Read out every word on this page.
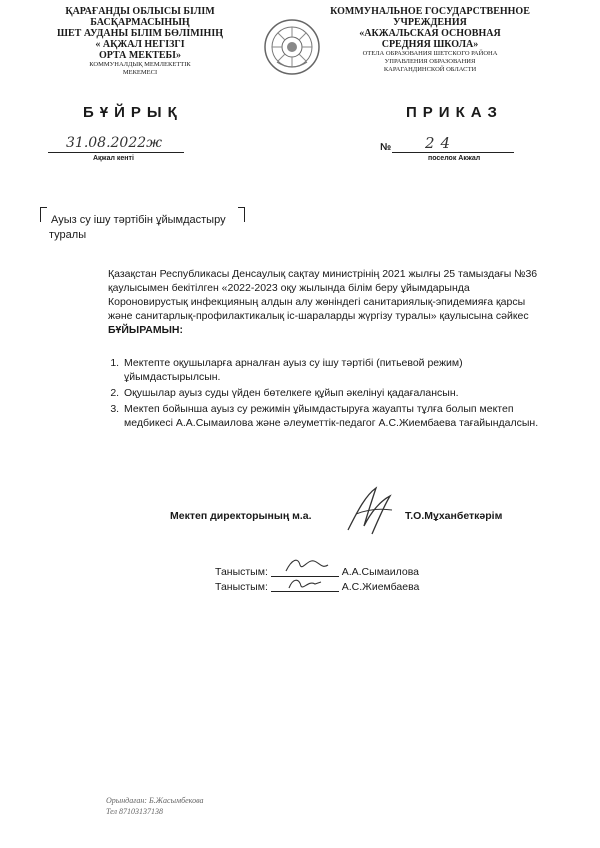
ҚАРАҒАНДЫ ОБЛЫСЫ БІЛІМ
БАСҚАРМАСЫНЫҢ
ШЕТ АУДАНЫ БІЛІМ БӨЛІМІНІҢ
« АҚЖАЛ НЕГІЗГІ
ОРТА МЕКТЕБІ»
КОММУНАЛДЫҚ МЕМЛЕКЕТТІК
МЕКЕМЕСІ
КОММУНАЛЬНОЕ ГОСУДАРСТВЕННОЕ
УЧРЕЖДЕНИЯ
«АКЖАЛЬСКАЯ ОСНОВНАЯ
СРЕДНЯЯ ШКОЛА»
ОТЕЛА ОБРАЗОВАНИЯ ШЕТСКОГО РАЙОНА
УПРАВЛЕНИЯ ОБРАЗОВАНИЯ
КАРАГАНДИНСКОЙ ОБЛАСТИ
БҰЙРЫҚ	ПРИКАЗ
31.08.2022ж
Ақжал кенті
№ 24
поселок Акжал
Ауыз су ішу тәртібін ұйымдастыру
туралы
Қазақстан Республикасы Денсаулық сақтау министрінің 2021 жылғы 25 тамыздағы №36 қаулысымен бекітілген «2022-2023 оқу жылында білім беру ұйымдарында Короновирустық инфекцияның алдын алу жөніндегі санитариялық-эпидемияға қарсы және санитарлық-профилактикалық іс-шараларды жүргізу туралы» қаулысына сәйкес БҰЙЫРАМЫН:
1. Мектепте оқушыларға арналған ауыз су ішу тәртібі (питьевой режим) ұйымдастырылсын.
2. Оқушылар ауыз суды үйден бөтелкеге құйып әкелінуі қадағалансын.
3. Мектеп бойынша ауыз су режимін ұйымдастыруға жауапты тұлға болып мектеп медбикесі А.А.Сымаилова және әлеуметтік-педагог А.С.Жиембаева тағайындалсын.
Мектеп директорының м.а.	Т.О.Мұханбеткәрім
Таныстым:	А.А.Сымаилова
Таныстым:	А.С.Жиембаева
Орындаған: Б.Жасымбекова
Тел 87103137138
